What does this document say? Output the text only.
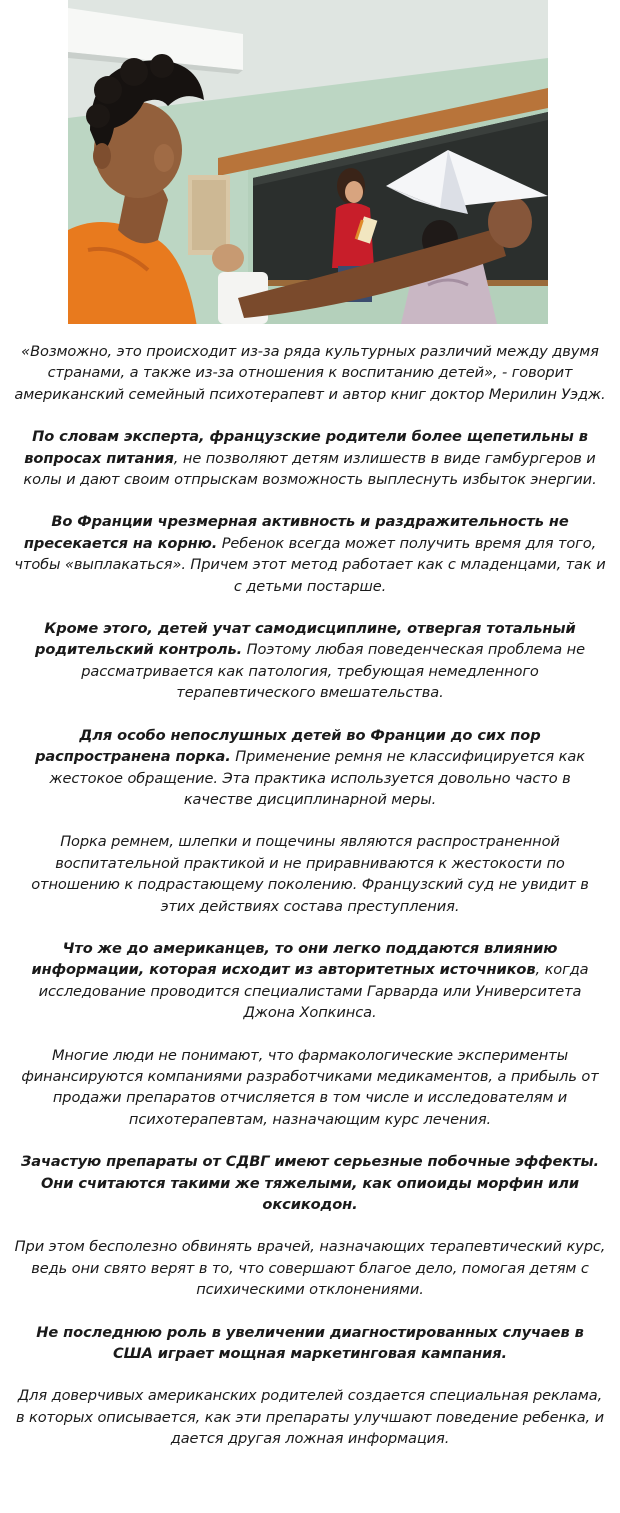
«Возможно, это происходит из-за ряда культурных различий между двумя странами, а также из-за отношения к воспитанию детей», - говорит американский семейный психотерапевт и автор книг доктор Мерилин Уэдж.

По словам эксперта, французские родители более щепетильны в вопросах питания, не позволяют детям излишеств в виде гамбургеров и колы и дают своим отпрыскам возможность выплеснуть избыток энергии.

Во Франции чрезмерная активность и раздражительность не пресекается на корню. Ребенок всегда может получить время для того, чтобы «выплакаться». Причем этот метод работает как с младенцами, так и с детьми постарше.

Кроме этого, детей учат самодисциплине, отвергая тотальный родительский контроль. Поэтому любая поведенческая проблема не рассматривается как патология, требующая немедленного терапевтического вмешательства.

Для особо непослушных детей во Франции до сих пор распространена порка. Применение ремня не классифицируется как жестокое обращение. Эта практика используется довольно часто в качестве дисциплинарной меры.

Порка ремнем, шлепки и пощечины являются распространенной воспитательной практикой и не приравниваются к жестокости по отношению к подрастающему поколению. Французский суд не увидит в этих действиях состава преступления.

Что же до американцев, то они легко поддаются влиянию информации, которая исходит из авторитетных источников, когда исследование проводится специалистами Гарварда или Университета Джона Хопкинса.

Многие люди не понимают, что фармакологические эксперименты финансируются компаниями разработчиками медикаментов, а прибыль от продажи препаратов отчисляется в том числе и исследователям и психотерапевтам, назначающим курс лечения.

Зачастую препараты от СДВГ имеют серьезные побочные эффекты. Они считаются такими же тяжелыми, как опиоиды морфин или оксикодон.

При этом бесполезно обвинять врачей, назначающих терапевтический курс, ведь они свято верят в то, что совершают благое дело, помогая детям с психическими отклонениями.

Не последнюю роль в увеличении диагностированных случаев в США играет мощная маркетинговая кампания.

Для доверчивых американских родителей создается специальная реклама, в которых описывается, как эти препараты улучшают поведение ребенка, и дается другая ложная информация.
